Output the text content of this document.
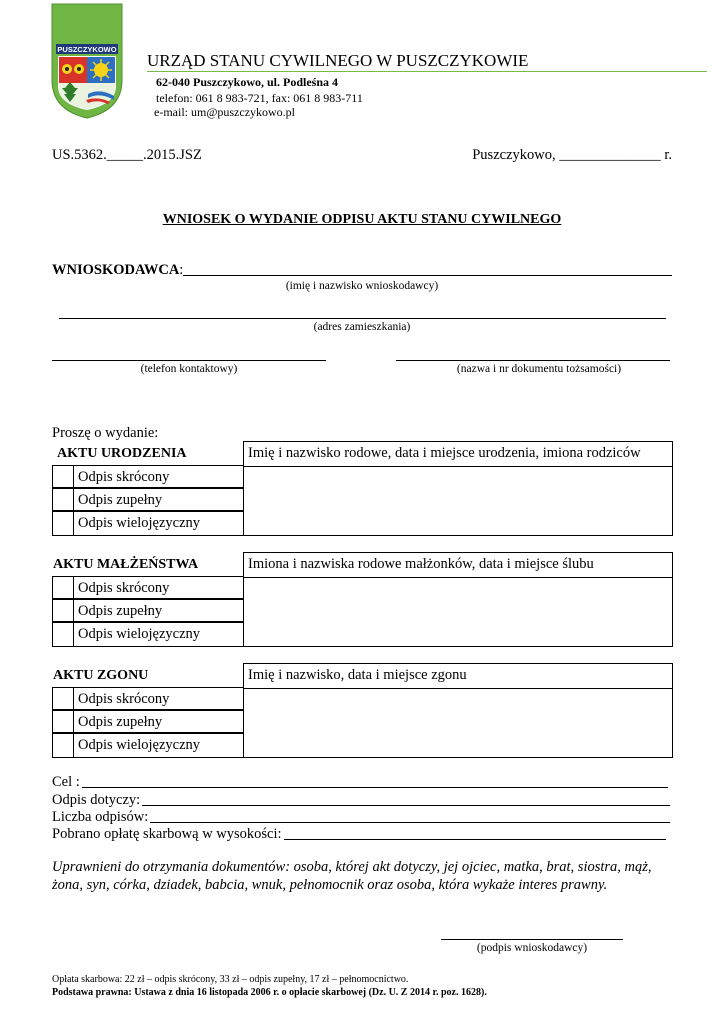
PUSZCZYKOWO
URZĄD STANU CYWILNEGO W PUSZCZYKOWIE
62-040 Puszczykowo, ul. Podleśna 4
telefon: 061 8 983-721, fax: 061 8 983-711
e-mail: um@puszczykowo.pl
US.5362._____.2015.JSZ	Puszczykowo, ______________ r.
WNIOSEK O WYDANIE ODPISU AKTU STANU CYWILNEGO
WNIOSKODAWCA :
(imię i nazwisko wnioskodawcy)
(adres zamieszkania)
(telefon kontaktowy)	(nazwa i nr dokumentu tożsamości)
Proszę o wydanie:
AKTU URODZENIA	Imię i nazwisko rodowe, data i miejsce urodzenia, imiona rodziców
Odpis skrócony
Odpis zupełny
Odpis wielojęzyczny
AKTU MAŁŻEŃSTWA	Imiona i nazwiska rodowe małżonków, data i miejsce ślubu
Odpis skrócony
Odpis zupełny
Odpis wielojęzyczny
AKTU ZGONU	Imię i nazwisko, data i miejsce zgonu
Odpis skrócony
Odpis zupełny
Odpis wielojęzyczny
Cel :
Odpis dotyczy:
Liczba odpisów:
Pobrano opłatę skarbową w wysokości:
Uprawnieni do otrzymania dokumentów: osoba, której akt dotyczy, jej ojciec, matka, brat, siostra, mąż, żona, syn, córka, dziadek, babcia, wnuk, pełnomocnik oraz osoba, która wykaże interes prawny.
(podpis wnioskodawcy)
Opłata skarbowa: 22 zł – odpis skrócony, 33 zł – odpis zupełny, 17 zł – pełnomocnictwo.
Podstawa prawna: Ustawa z dnia 16 listopada 2006 r. o opłacie skarbowej (Dz. U. Z 2014 r. poz. 1628).
